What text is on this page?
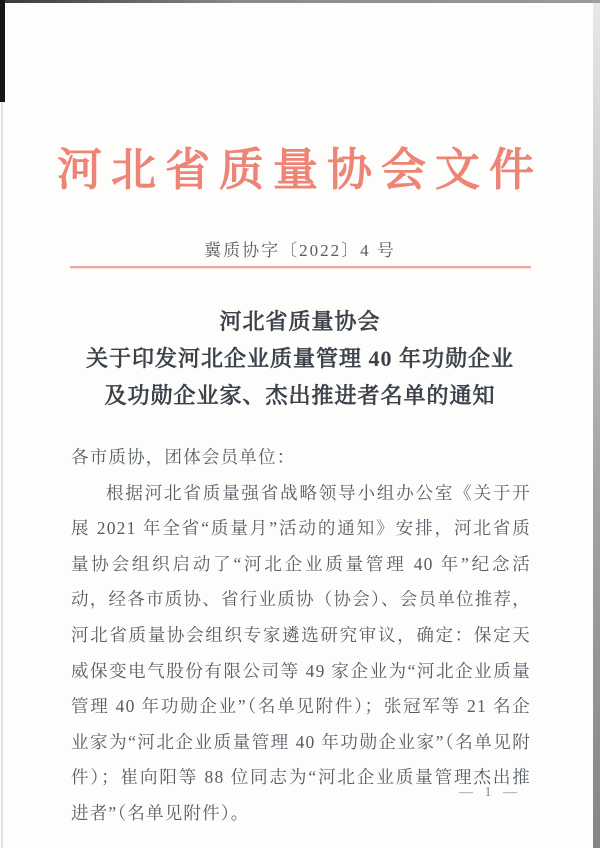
河北省质量协会文件
冀质协字〔2022〕4 号
河北省质量协会
关于印发河北企业质量管理 40 年功勋企业
及功勋企业家、杰出推进者名单的通知
各市质协，团体会员单位：

根据河北省质量强省战略领导小组办公室《关于开展 2021 年全省“质量月”活动的通知》安排，河北省质量协会组织启动了“河北企业质量管理 40 年”纪念活动，经各市质协、省行业质协（协会）、会员单位推荐，河北省质量协会组织专家遴选研究审议，确定：保定天威保变电气股份有限公司等 49 家企业为“河北企业质量管理 40 年功勋企业”（名单见附件）；张冠军等 21 名企业家为“河北企业质量管理 40 年功勋企业家”（名单见附件）；崔向阳等 88 位同志为“河北企业质量管理杰出推进者”（名单见附件）。

— 1 —
